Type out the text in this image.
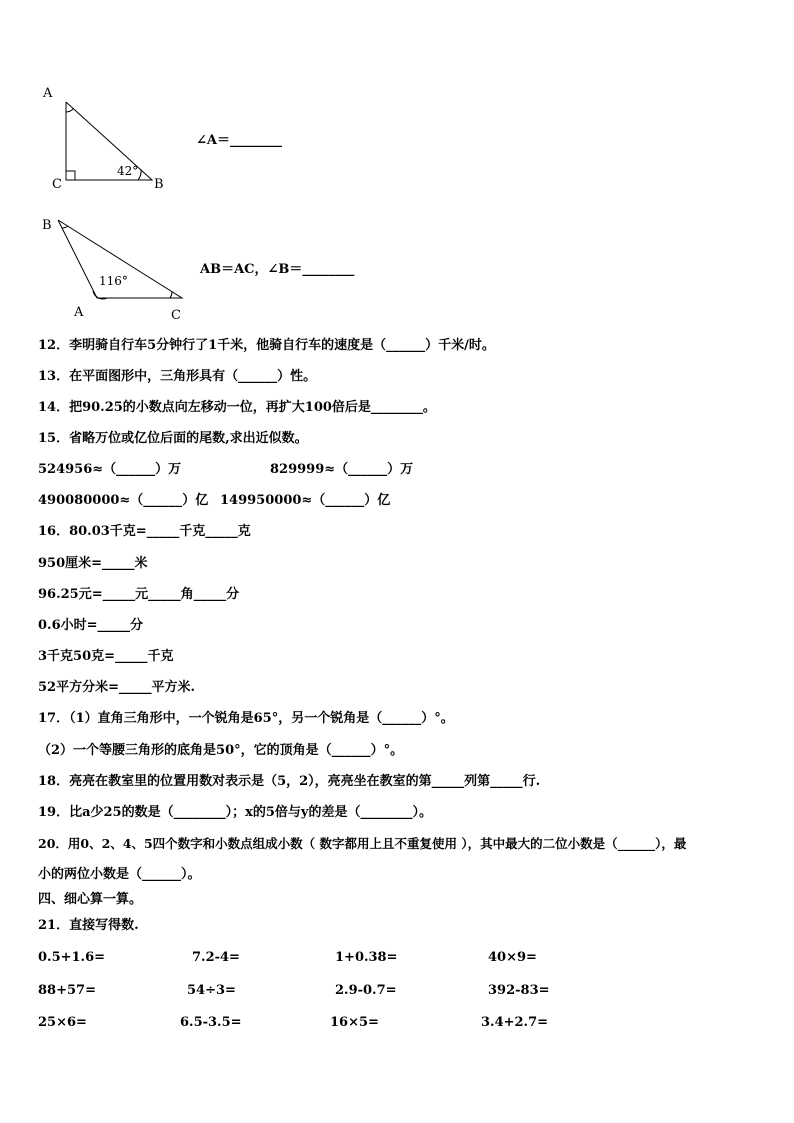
A
C	B
42°
∠A＝________
B
A	C
116°
AB＝AC，∠B＝________
12．李明骑自行车5分钟行了1千米，他骑自行车的速度是（______）千米/时。
13．在平面图形中，三角形具有（______）性。
14．把90.25的小数点向左移动一位，再扩大100倍后是________。
15．省略万位或亿位后面的尾数,求出近似数。
524956≈（______）万	829999≈（______）万
490080000≈（______）亿 149950000≈（______）亿
16．80.03千克=_____千克_____克
950厘米=_____米
96.25元=_____元_____角_____分
0.6小时=_____分
3千克50克=_____千克
52平方分米=_____平方米.
17．（1）直角三角形中，一个锐角是65°，另一个锐角是（______）°。
（2）一个等腰三角形的底角是50°，它的顶角是（______）°。
18．亮亮在教室里的位置用数对表示是（5，2），亮亮坐在教室的第_____列第_____行.
19．比a少25的数是（________）；x的5倍与y的差是（________）。
20．用0、2、4、5四个数字和小数点组成小数（ 数字都用上且不重复使用 ），其中最大的二位小数是（______），最
小的两位小数是（______）。
四、细心算一算。
21．直接写得数.
0.5+1.6=	7.2-4=	1+0.38=	40×9=
88+57=	54÷3=	2.9-0.7=	392-83=
25×6=	6.5-3.5=	16×5=	3.4+2.7=
